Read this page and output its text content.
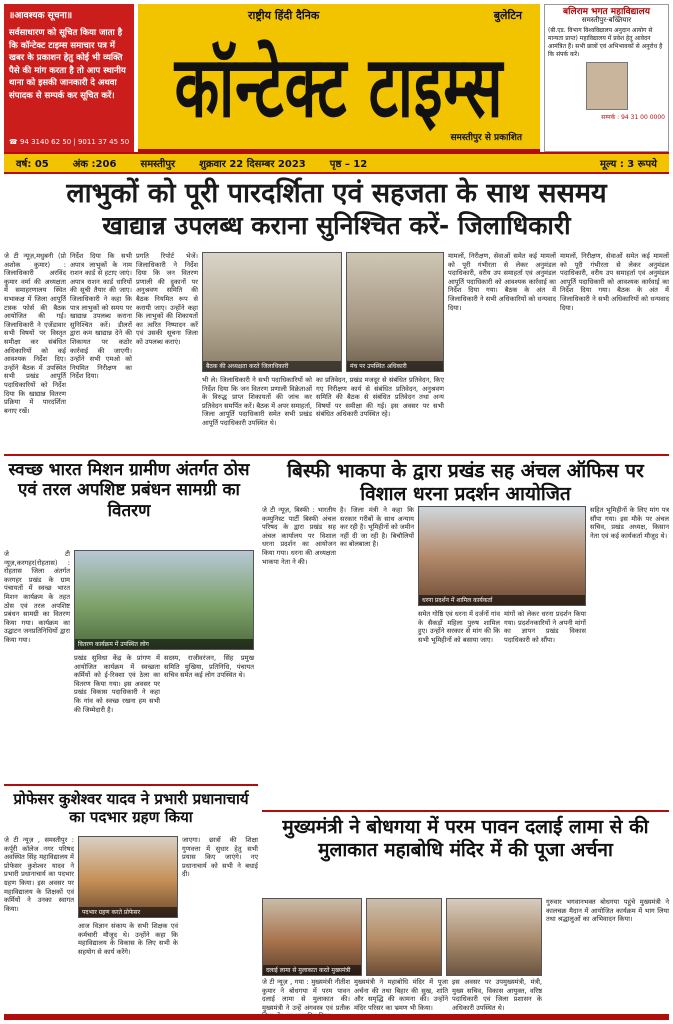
॥आवश्यक सूचना॥
सर्वसाधारण को सूचित किया जाता है कि कॉन्टेक्ट टाइम्स समाचार पत्र में खबर के प्रकाशन हेतु कोई भी व्यक्ति पैसे की मांग करता है तो आप स्थानीय थाना को इसकी जानकारी दे अथवा संपादक से सम्पर्क कर सूचित करें।
☎ 94 3140 62 50 | 9011 37 45 50
राष्ट्रीय हिंदी दैनिक	बुलेटिन
कॉन्टेक्ट टाइम्स
समस्तीपुर से प्रकाशित
बलिराम भगत महाविद्यालय
समस्तीपुर-बख्तियार
(बी.एड. विभाग विश्वविद्यालय अनुदान आयोग से मान्यता प्राप्त) महाविद्यालय में प्रवेश हेतु आवेदन आमंत्रित हैं। सभी छात्रों एवं अभिभावकों से अनुरोध है कि संपर्क करें।
सम्पर्क : 94 31 00 0000
वर्ष: 05	अंक :206	समस्तीपुर	शुक्रवार 22 दिसम्बर 2023	पृष्ठ – 12	मूल्य : 3 रूपये
लाभुकों को पूरी पारदर्शिता एवं सहजता के साथ ससमय
खाद्यान्न उपलब्ध कराना सुनिश्चित करें- जिलाधिकारी
जे टी न्यूज़,मधुबनी (प्रो अशोक कुमार) : जिलाधिकारी अरविंद कुमार वर्मा की अध्यक्षता में समाहरणालय स्थित सभाकक्ष में जिला आपूर्ति टास्क फोर्स की बैठक आयोजित की गई। जिलाधिकारी ने एजेंडावार सभी विषयों पर विस्तृत समीक्षा कर संबंधित अधिकारियों को कई आवश्यक निर्देश दिए। उन्होंने बैठक में उपस्थित सभी प्रखंड आपूर्ति पदाधिकारियों को निर्देश दिया कि खाद्यान्न वितरण प्रक्रिया में पारदर्शिता बनाए रखें।
निर्देश दिया कि सभी अपात्र लाभुकों के नाम राशन कार्ड से हटाए जाएं। अपात्र राशन कार्ड धारियों की सूची तैयार की जाए। जिलाधिकारी ने कहा कि पात्र लाभुकों को समय पर खाद्यान्न उपलब्ध कराना सुनिश्चित करें। डीलरों द्वारा कम खाद्यान्न देने की शिकायत पर कठोर कार्रवाई की जाएगी। उन्होंने सभी एमओ को नियमित निरीक्षण का निर्देश दिया।
प्रगति रिपोर्ट भेजें। जिलाधिकारी ने निर्देश दिया कि जन वितरण प्रणाली की दुकानों पर अनुश्रवण समिति की बैठक नियमित रूप से करायी जाए। उन्होंने कहा कि लाभुकों की शिकायतों का त्वरित निष्पादन करें एवं उसकी सूचना जिला को उपलब्ध कराएं।
बैठक की अध्यक्षता करते जिलाधिकारी	मंच पर उपस्थित अधिकारी
भी ले। जिलाधिकारी ने सभी पदाधिकारियों को निर्देश दिया कि जन वितरण प्रणाली विक्रेताओं के विरुद्ध प्राप्त शिकायतों की जांच कर प्रतिवेदन समर्पित करें। बैठक में अपर समाहर्ता, जिला आपूर्ति पदाधिकारी समेत सभी प्रखंड आपूर्ति पदाधिकारी उपस्थित थे।
का प्रतिवेदन, प्रखंड मजदूर से संबंधित प्रतिवेदन, किए गए निरीक्षण कार्य से संबंधित प्रतिवेदन, अनुश्रवण समिति की बैठक से संबंधित प्रतिवेदन तथा अन्य विषयों पर समीक्षा की गई। इस अवसर पर सभी संबंधित अधिकारी उपस्थित रहे।
मामलों, निरीक्षण, सेवाओं समेत कई मामलों को पूरी गंभीरता से लेकर अनुमंडल पदाधिकारी, वरीय उप समाहर्ता एवं अनुमंडल आपूर्ति पदाधिकारी को आवश्यक कार्रवाई का निर्देश दिया गया। बैठक के अंत में जिलाधिकारी ने सभी अधिकारियों को धन्यवाद दिया।
मामलों, निरीक्षण, सेवाओं समेत कई मामलों को पूरी गंभीरता से लेकर अनुमंडल पदाधिकारी, वरीय उप समाहर्ता एवं अनुमंडल आपूर्ति पदाधिकारी को आवश्यक कार्रवाई का निर्देश दिया गया। बैठक के अंत में जिलाधिकारी ने सभी अधिकारियों को धन्यवाद दिया।
स्वच्छ भारत मिशन ग्रामीण अंतर्गत ठोस एवं तरल अपशिष्ट प्रबंधन सामग्री का वितरण
जे टी न्यूज़,करगहर(रोहतास) : रोहतास जिला अंतर्गत करगहर प्रखंड के ग्राम पंचायतों में स्वच्छ भारत मिशन कार्यक्रम के तहत ठोस एवं तरल अपशिष्ट प्रबंधन सामग्री का वितरण किया गया। कार्यक्रम का उद्घाटन जनप्रतिनिधियों द्वारा किया गया।
वितरण कार्यक्रम में उपस्थित लोग
प्रखंड सुविधा केंद्र के प्रांगण में आयोजित कार्यक्रम में स्वच्छता कर्मियों को ई-रिक्शा एवं ठेला का वितरण किया गया। इस अवसर पर प्रखंड विकास पदाधिकारी ने कहा कि गांव को स्वच्छ रखना हम सभी की जिम्मेदारी है।
सदस्य, राजीवरंजन, सिंह प्रमुख समिति मुखिया, प्रतिनिधि, पंचायत सचिव समेत कई लोग उपस्थित थे।
बिस्फी भाकपा के द्वारा प्रखंड सह अंचल ऑफिस पर विशाल धरना प्रदर्शन आयोजित
जे टी न्यूज़, बिस्फी : भारतीय कम्युनिस्ट पार्टी बिस्फी अंचल परिषद के द्वारा प्रखंड सह अंचल कार्यालय पर विशाल धरना प्रदर्शन का आयोजन किया गया। धरना की अध्यक्षता भाकपा नेता ने की।
है। जिला मंत्री ने कहा कि सरकार गरीबों के साथ अन्याय कर रही है। भूमिहीनों को जमीन नहीं दी जा रही है। बिचौलियों का बोलबाला है।
धरना प्रदर्शन में शामिल कार्यकर्ता
समेत गोष्ठि एवं धरना में दर्जनों गांव के सैकड़ों महिला पुरुष शामिल हुए। उन्होंने सरकार से मांग की कि सभी भूमिहीनों को बसाया जाए।
मांगों को लेकर धरना प्रदर्शन किया गया। प्रदर्शनकारियों ने अपनी मांगों का ज्ञापन प्रखंड विकास पदाधिकारी को सौंपा।
सहित भूमिहीनों के लिए मांग पत्र सौंपा गया। इस मौके पर अंचल सचिव, प्रखंड अध्यक्ष, किसान नेता एवं कई कार्यकर्ता मौजूद थे।
प्रोफेसर कुशेश्वर यादव ने प्रभारी प्रधानाचार्य का पदभार ग्रहण किया
जे टी न्यूज़ , समस्तीपुर : कर्पूरी कॉलेज नगर परिषद अवस्थित सिंह महाविद्यालय में प्रोफेसर कुशेश्वर यादव ने प्रभारी प्रधानाचार्य का पदभार ग्रहण किया। इस अवसर पर महाविद्यालय के शिक्षकों एवं कर्मियों ने उनका स्वागत किया।	पदभार ग्रहण करते प्रोफेसर
आज विज्ञान संकाय के सभी शिक्षक एवं कर्मचारी मौजूद थे। उन्होंने कहा कि महाविद्यालय के विकास के लिए सभी के सहयोग से कार्य करेंगे।
जाएगा। छात्रों की शिक्षा गुणवत्ता में सुधार हेतु सभी प्रयास किए जाएंगे। नए प्रधानाचार्य को सभी ने बधाई दी।
मुख्यमंत्री ने बोधगया में परम पावन दलाई लामा से की मुलाकात महाबोधि मंदिर में की पूजा अर्चना
दलाई लामा से मुलाकात करते मुख्यमंत्री
जे टी न्यूज़ , गया : मुख्यमंत्री नीतीश कुमार ने बोधगया में परम पावन दलाई लामा से मुलाकात की। मुख्यमंत्री ने उन्हें अंगवस्त्र एवं प्रतीक
मुख्यमंत्री ने महाबोधि मंदिर में पूजा अर्चना की तथा बिहार की सुख, शांति और समृद्धि की कामना की। उन्होंने मंदिर परिसर का भ्रमण भी किया।
इस अवसर पर उपमुख्यमंत्री, मंत्री, मुख्य सचिव, विकास आयुक्त, वरिष्ठ पदाधिकारी एवं जिला प्रशासन के अधिकारी उपस्थित थे।
गुरुवार भगवानभक्त बोधगया पहुंचे मुख्यमंत्री ने कालचक्र मैदान में आयोजित कार्यक्रम में भाग लिया तथा श्रद्धालुओं का अभिवादन किया।
